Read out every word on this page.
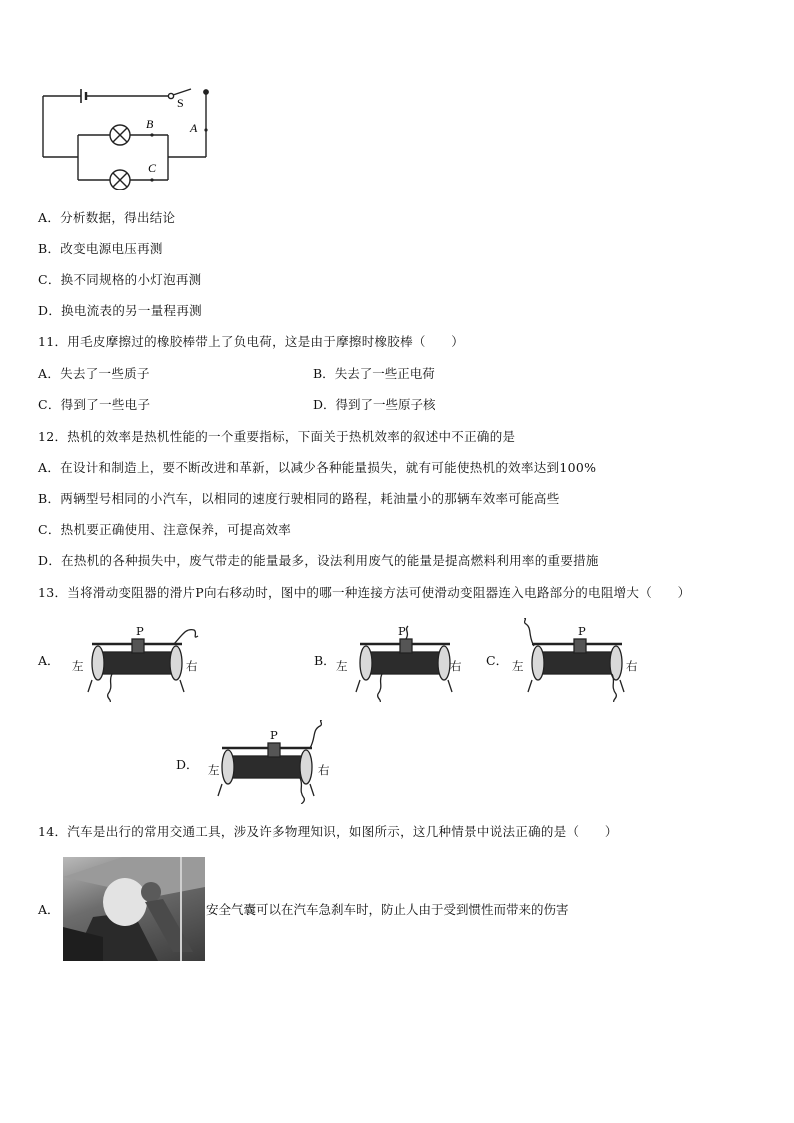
S
B	A
C
A．分析数据，得出结论
B．改变电源电压再测
C．换不同规格的小灯泡再测
D．换电流表的另一量程再测
11．用毛皮摩擦过的橡胶棒带上了负电荷，这是由于摩擦时橡胶棒（　　）
A．失去了一些质子	B．失去了一些正电荷
C．得到了一些电子	D．得到了一些原子核
12．热机的效率是热机性能的一个重要指标，下面关于热机效率的叙述中不正确的是
A．在设计和制造上，要不断改进和革新，以减少各种能量损失，就有可能使热机的效率达到100%
B．两辆型号相同的小汽车，以相同的速度行驶相同的路程，耗油量小的那辆车效率可能高些
C．热机要正确使用、注意保养，可提高效率
D．在热机的各种损失中，废气带走的能量最多，设法利用废气的能量是提高燃料利用率的重要措施
13．当将滑动变阻器的滑片P向右移动时，图中的哪一种连接方法可使滑动变阻器连入电路部分的电阻增大（　　）
A．	B．	C．
D．
P
左	右
P
左	右
P
左	右
P
左	右
14．汽车是出行的常用交通工具，涉及许多物理知识，如图所示，这几种情景中说法正确的是（　　）
A．	安全气囊可以在汽车急刹车时，防止人由于受到惯性而带来的伤害
